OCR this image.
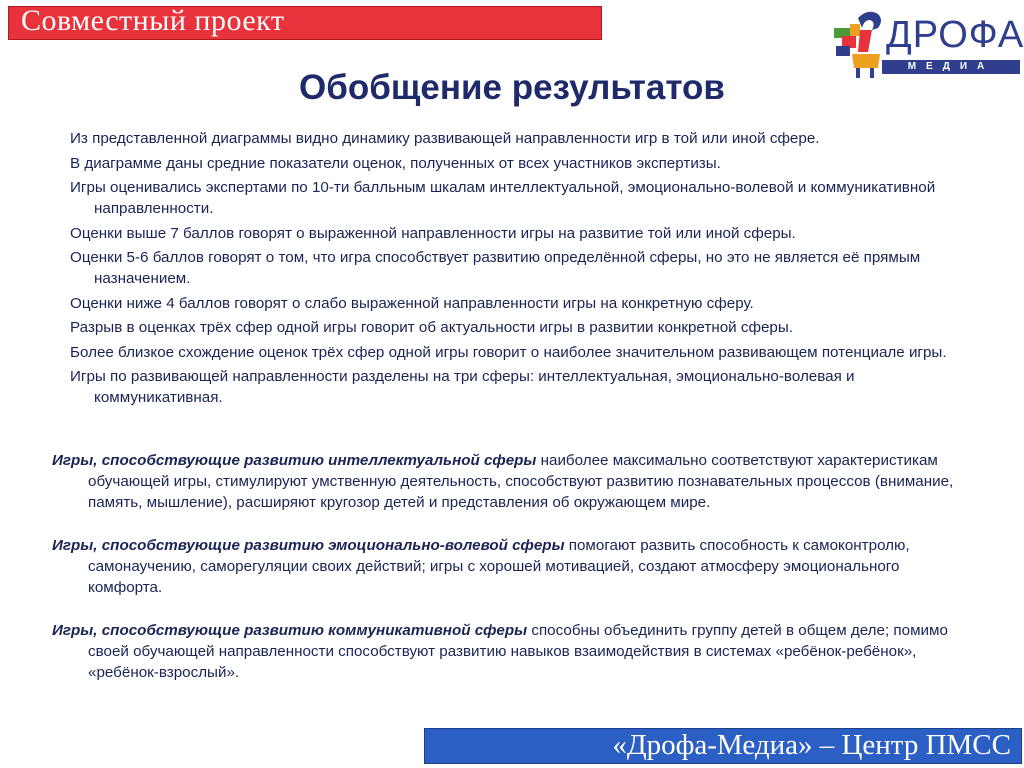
Совместный проект	ДРОФА
МЕДИА
Обобщение результатов
Из представленной диаграммы видно динамику развивающей направленности игр в той или иной сфере.
В диаграмме даны средние показатели оценок, полученных от всех участников экспертизы.
Игры оценивались экспертами по 10-ти балльным шкалам интеллектуальной, эмоционально-волевой и коммуникативной направленности.
Оценки выше 7 баллов говорят о выраженной направленности игры на развитие той или иной сферы.
Оценки 5-6 баллов говорят о том, что игра способствует развитию определённой сферы, но это не является её прямым назначением.
Оценки ниже 4 баллов говорят о слабо выраженной направленности игры на конкретную сферу.
Разрыв в оценках трёх сфер одной игры говорит об актуальности игры в развитии конкретной сферы.
Более близкое схождение оценок трёх сфер одной игры говорит о наиболее значительном развивающем потенциале игры.
Игры по развивающей направленности разделены на три сферы: интеллектуальная, эмоционально-волевая и коммуникативная.
Игры, способствующие развитию интеллектуальной сферы наиболее максимально соответствуют характеристикам обучающей игры, стимулируют умственную деятельность, способствуют развитию познавательных процессов (внимание, память, мышление), расширяют кругозор детей и представления об окружающем мире.
Игры, способствующие развитию эмоционально-волевой сферы помогают развить способность к самоконтролю, самонаучению, саморегуляции своих действий; игры с хорошей мотивацией, создают атмосферу эмоционального комфорта.
Игры, способствующие развитию коммуникативной сферы способны объединить группу детей в общем деле; помимо своей обучающей направленности способствуют развитию навыков взаимодействия в системах «ребёнок-ребёнок», «ребёнок-взрослый».
«Дрофа-Медиа» – Центр ПМСС
